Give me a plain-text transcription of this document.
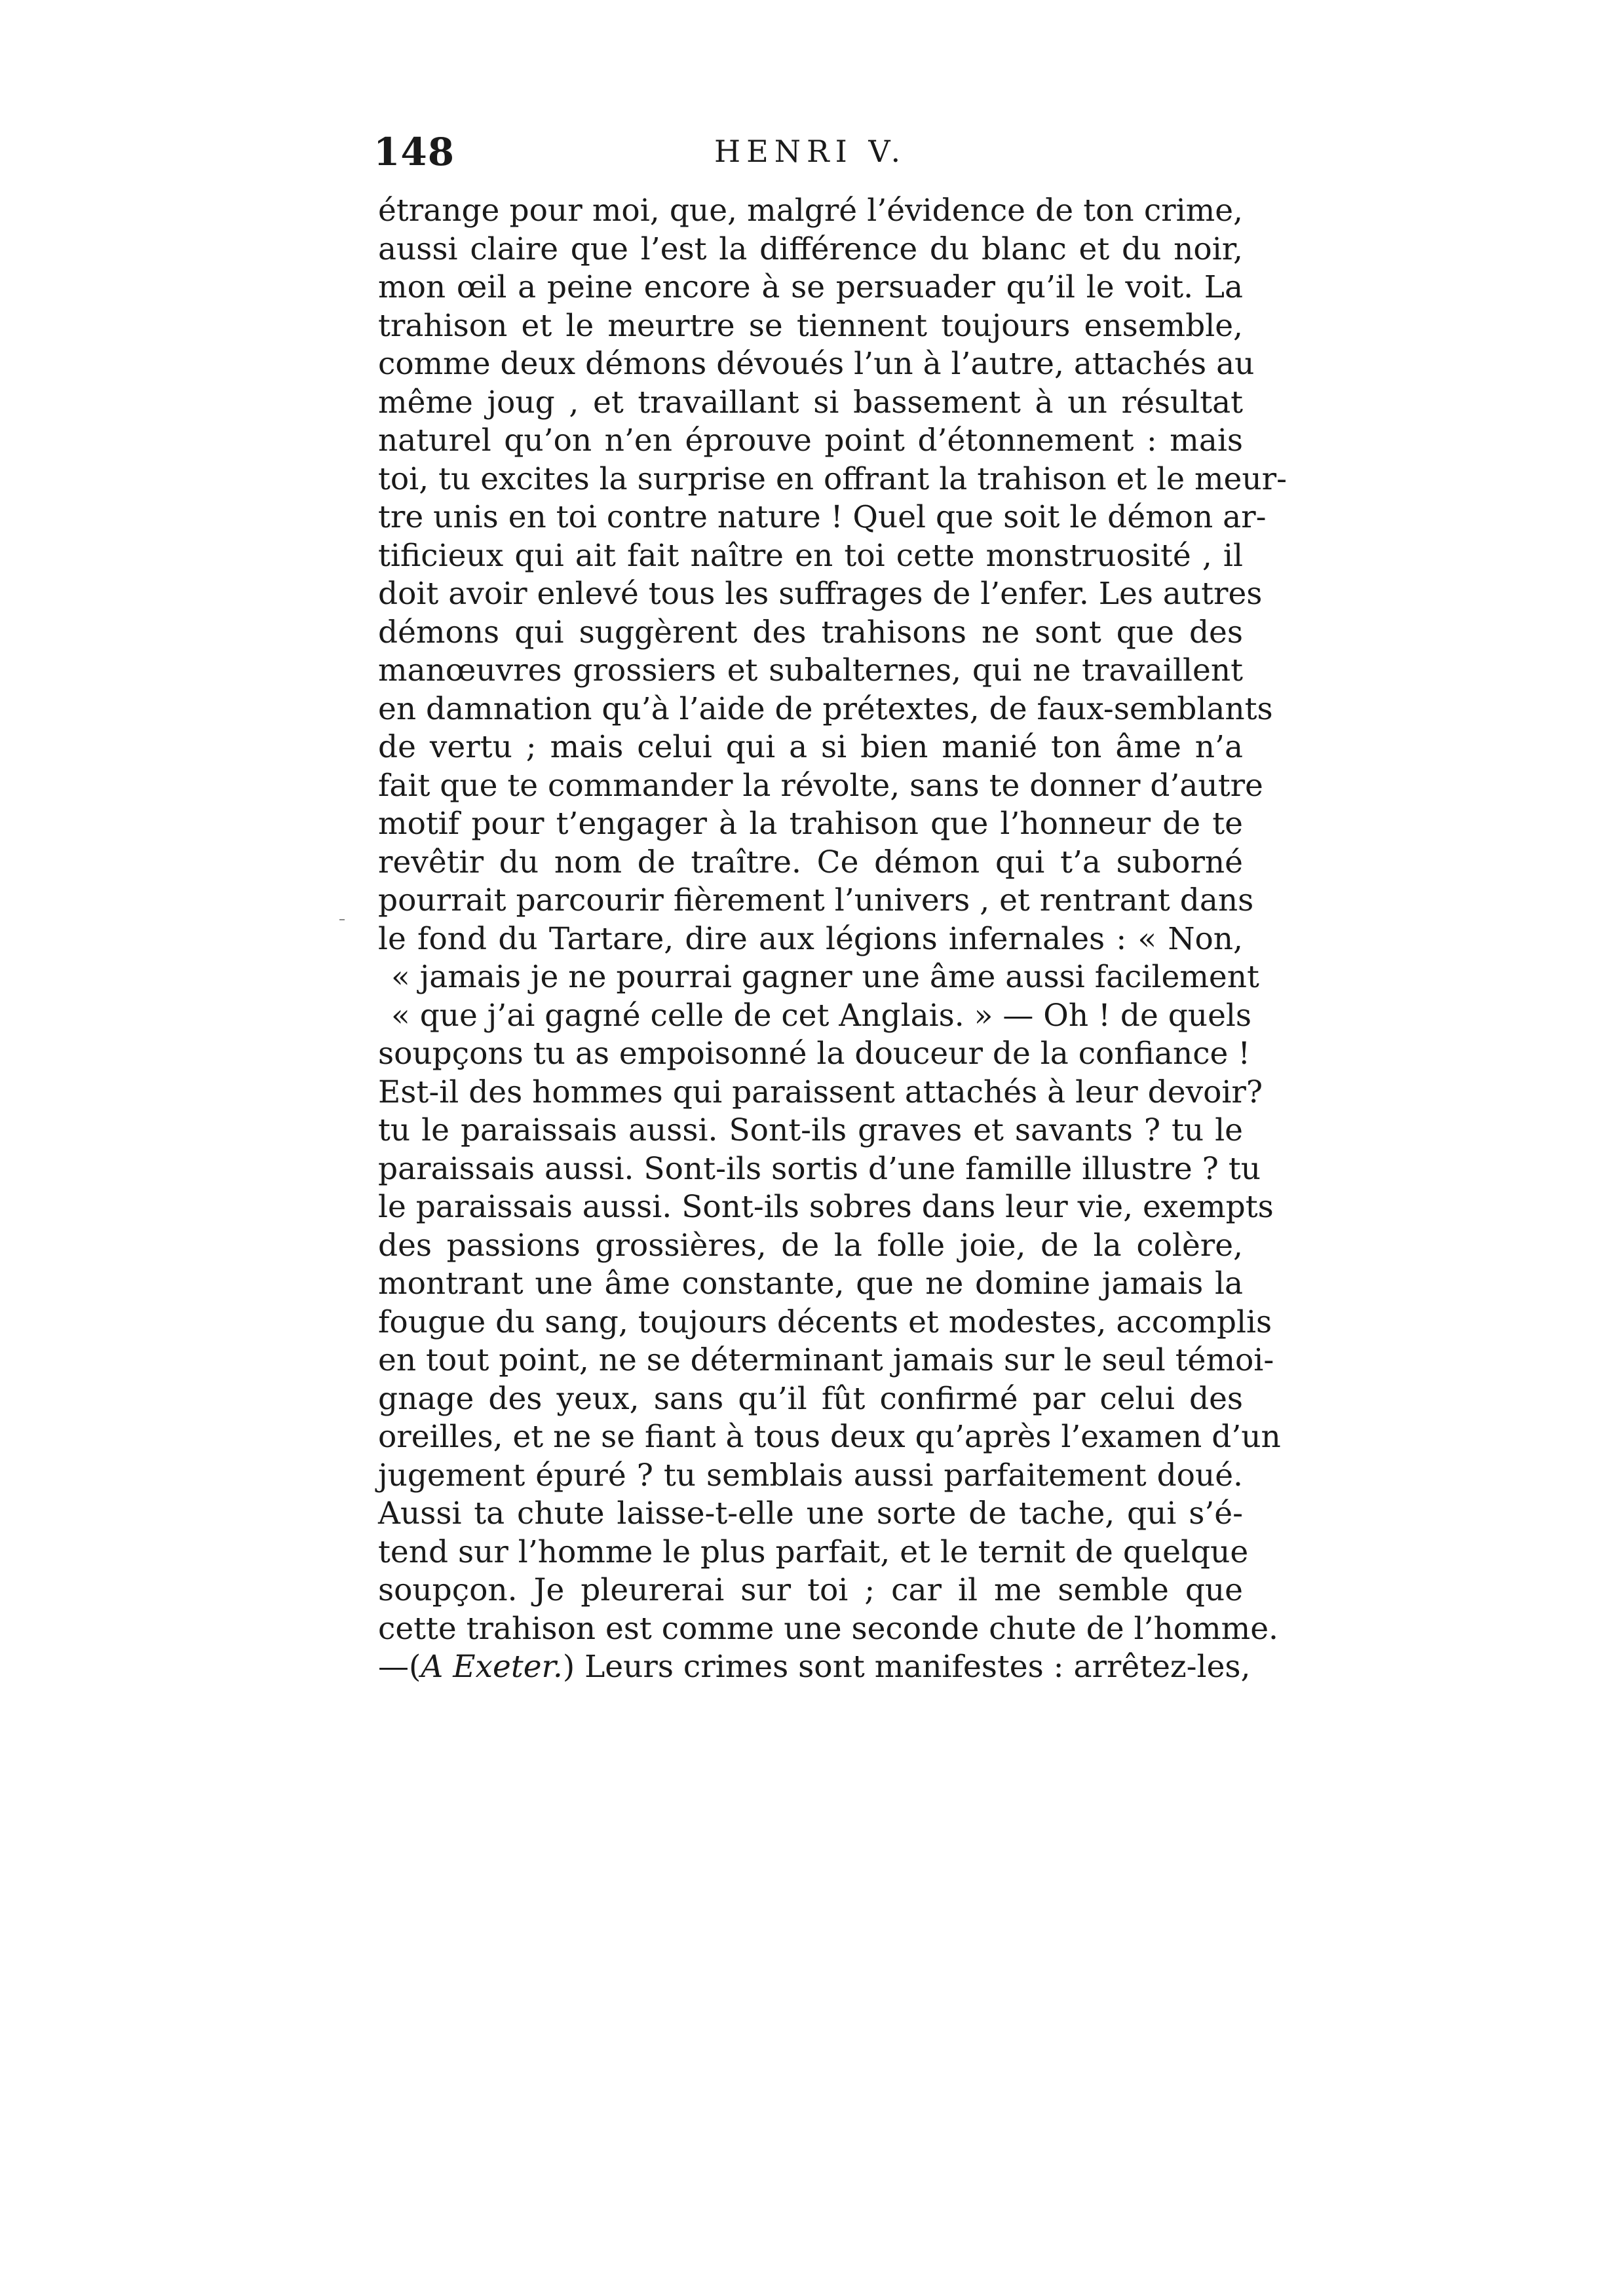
148	HENRI V.
étrange pour moi, que, malgré l’évidence de ton crime,
aussi claire que l’est la différence du blanc et du noir,
mon œil a peine encore à se persuader qu’il le voit. La
trahison et le meurtre se tiennent toujours ensemble,
comme deux démons dévoués l’un à l’autre, attachés au
même joug , et travaillant si bassement à un résultat
naturel qu’on n’en éprouve point d’étonnement : mais
toi, tu excites la surprise en offrant la trahison et le meur-
tre unis en toi contre nature ! Quel que soit le démon ar-
tificieux qui ait fait naître en toi cette monstruosité , il
doit avoir enlevé tous les suffrages de l’enfer. Les autres
démons qui suggèrent des trahisons ne sont que des
manœuvres grossiers et subalternes, qui ne travaillent
en damnation qu’à l’aide de prétextes, de faux-semblants
de vertu ; mais celui qui a si bien manié ton âme n’a
fait que te commander la révolte, sans te donner d’autre
motif pour t’engager à la trahison que l’honneur de te
revêtir du nom de traître. Ce démon qui t’a suborné
pourrait parcourir fièrement l’univers , et rentrant dans
le fond du Tartare, dire aux légions infernales : « Non,
« jamais je ne pourrai gagner une âme aussi facilement
« que j’ai gagné celle de cet Anglais. » — Oh ! de quels
soupçons tu as empoisonné la douceur de la confiance !
Est-il des hommes qui paraissent attachés à leur devoir?
tu le paraissais aussi. Sont-ils graves et savants ? tu le
paraissais aussi. Sont-ils sortis d’une famille illustre ? tu
le paraissais aussi. Sont-ils sobres dans leur vie, exempts
des passions grossières, de la folle joie, de la colère,
montrant une âme constante, que ne domine jamais la
fougue du sang, toujours décents et modestes, accomplis
en tout point, ne se déterminant jamais sur le seul témoi-
gnage des yeux, sans qu’il fût confirmé par celui des
oreilles, et ne se fiant à tous deux qu’après l’examen d’un
jugement épuré ? tu semblais aussi parfaitement doué.
Aussi ta chute laisse-t-elle une sorte de tache, qui s’é-
tend sur l’homme le plus parfait, et le ternit de quelque
soupçon. Je pleurerai sur toi ; car il me semble que
cette trahison est comme une seconde chute de l’homme.
—(A Exeter.) Leurs crimes sont manifestes : arrêtez-les,
